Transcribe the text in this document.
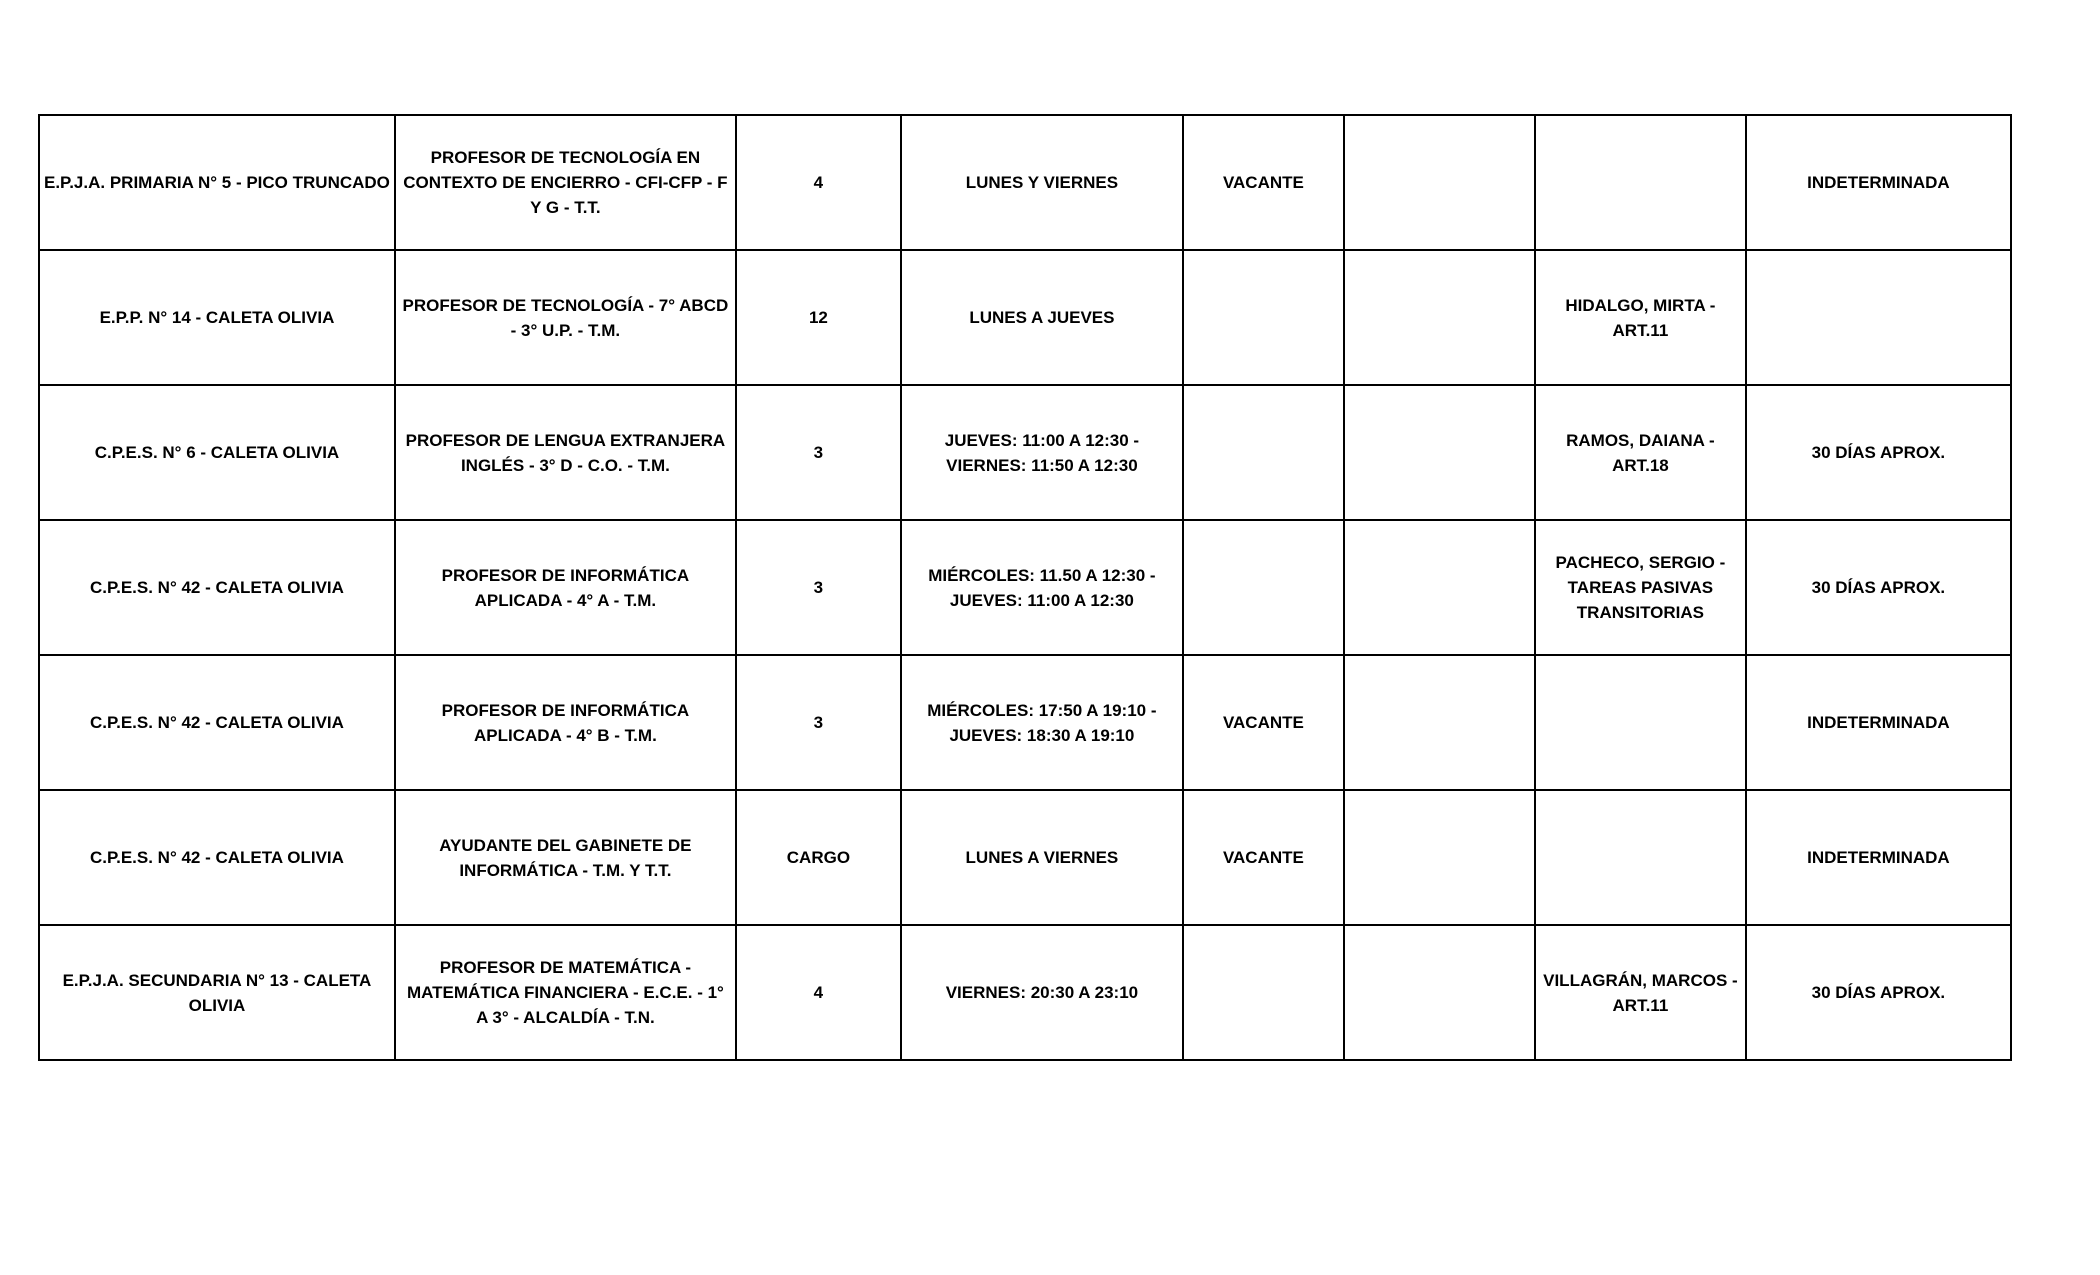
E.P.J.A. PRIMARIA N° 5 - PICO TRUNCADO	PROFESOR DE TECNOLOGÍA EN CONTEXTO DE ENCIERRO - CFI-CFP - F Y G - T.T.	4	LUNES Y VIERNES	VACANTE			INDETERMINADA
E.P.P. N° 14 - CALETA OLIVIA	PROFESOR DE TECNOLOGÍA - 7° ABCD - 3° U.P. - T.M.	12	LUNES A JUEVES			HIDALGO, MIRTA - ART.11	
C.P.E.S. N° 6 - CALETA OLIVIA	PROFESOR DE LENGUA EXTRANJERA INGLÉS - 3° D - C.O. - T.M.	3	JUEVES: 11:00 A 12:30 - VIERNES: 11:50 A 12:30			RAMOS, DAIANA - ART.18	30 DÍAS APROX.
C.P.E.S. N° 42 - CALETA OLIVIA	PROFESOR DE INFORMÁTICA APLICADA - 4° A - T.M.	3	MIÉRCOLES: 11.50 A 12:30 - JUEVES: 11:00 A 12:30			PACHECO, SERGIO - TAREAS PASIVAS TRANSITORIAS	30 DÍAS APROX.
C.P.E.S. N° 42 - CALETA OLIVIA	PROFESOR DE INFORMÁTICA APLICADA - 4° B - T.M.	3	MIÉRCOLES: 17:50 A 19:10 - JUEVES: 18:30 A 19:10	VACANTE			INDETERMINADA
C.P.E.S. N° 42 - CALETA OLIVIA	AYUDANTE DEL GABINETE DE INFORMÁTICA - T.M. Y T.T.	CARGO	LUNES A VIERNES	VACANTE			INDETERMINADA
E.P.J.A. SECUNDARIA N° 13 - CALETA OLIVIA	PROFESOR DE MATEMÁTICA - MATEMÁTICA FINANCIERA - E.C.E. - 1° A 3° - ALCALDÍA - T.N.	4	VIERNES: 20:30 A 23:10			VILLAGRÁN, MARCOS - ART.11	30 DÍAS APROX.
